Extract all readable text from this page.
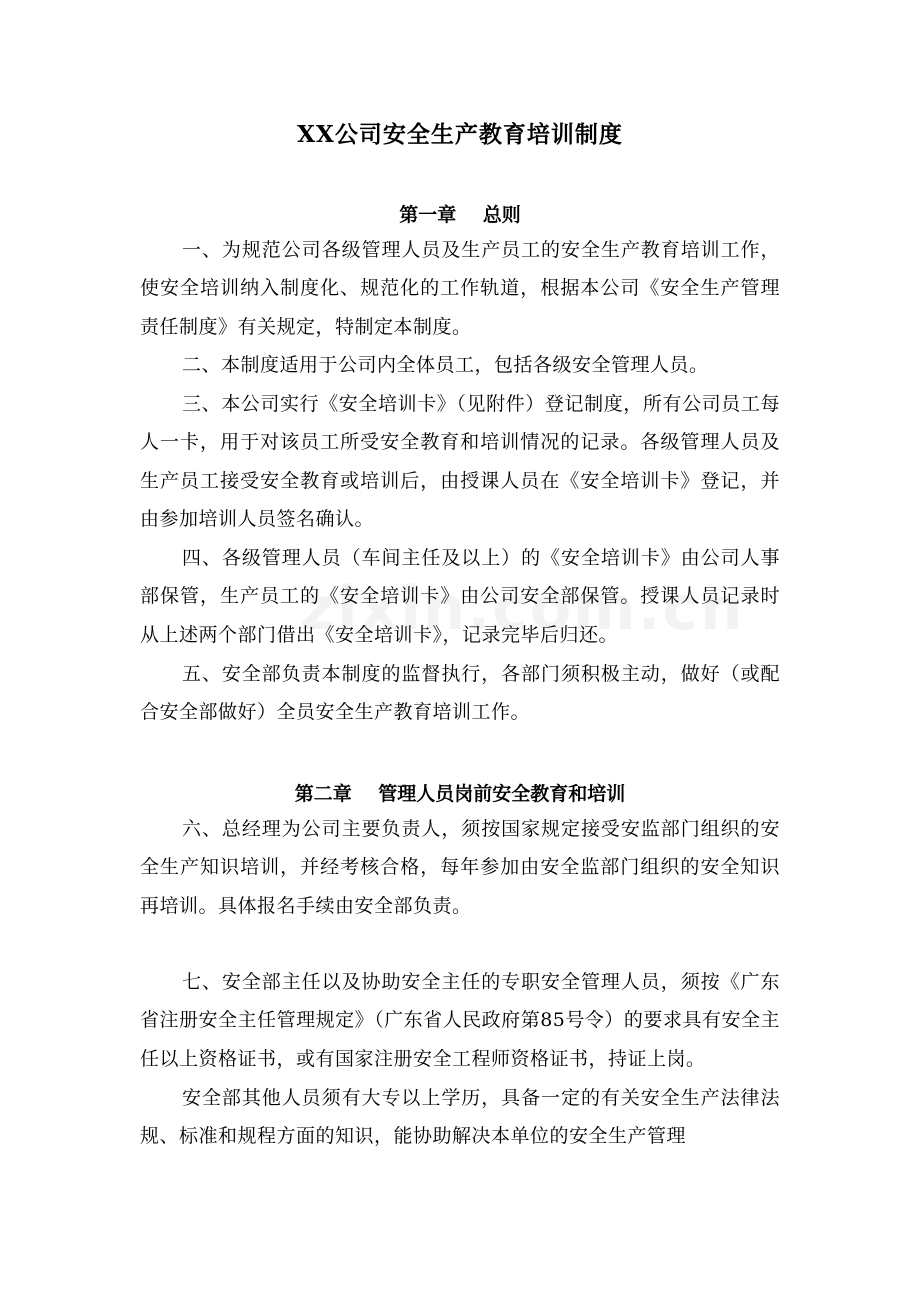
XX公司安全生产教育培训制度
第一章    总则

一、为规范公司各级管理人员及生产员工的安全生产教育培训工作，使安全培训纳入制度化、规范化的工作轨道，根据本公司《安全生产管理责任制度》有关规定，特制定本制度。

二、本制度适用于公司内全体员工，包括各级安全管理人员。

三、本公司实行《安全培训卡》（见附件）登记制度，所有公司员工每人一卡，用于对该员工所受安全教育和培训情况的记录。各级管理人员及生产员工接受安全教育或培训后，由授课人员在《安全培训卡》登记，并由参加培训人员签名确认。

四、各级管理人员（车间主任及以上）的《安全培训卡》由公司人事部保管，生产员工的《安全培训卡》由公司安全部保管。授课人员记录时从上述两个部门借出《安全培训卡》，记录完毕后归还。

五、安全部负责本制度的监督执行，各部门须积极主动，做好（或配合安全部做好）全员安全生产教育培训工作。

第二章    管理人员岗前安全教育和培训

六、总经理为公司主要负责人，须按国家规定接受安监部门组织的安全生产知识培训，并经考核合格，每年参加由安全监部门组织的安全知识再培训。具体报名手续由安全部负责。

七、安全部主任以及协助安全主任的专职安全管理人员，须按《广东省注册安全主任管理规定》（广东省人民政府第85号令）的要求具有安全主任以上资格证书，或有国家注册安全工程师资格证书，持证上岗。

安全部其他人员须有大专以上学历，具备一定的有关安全生产法律法规、标准和规程方面的知识，能协助解决本单位的安全生产管理
